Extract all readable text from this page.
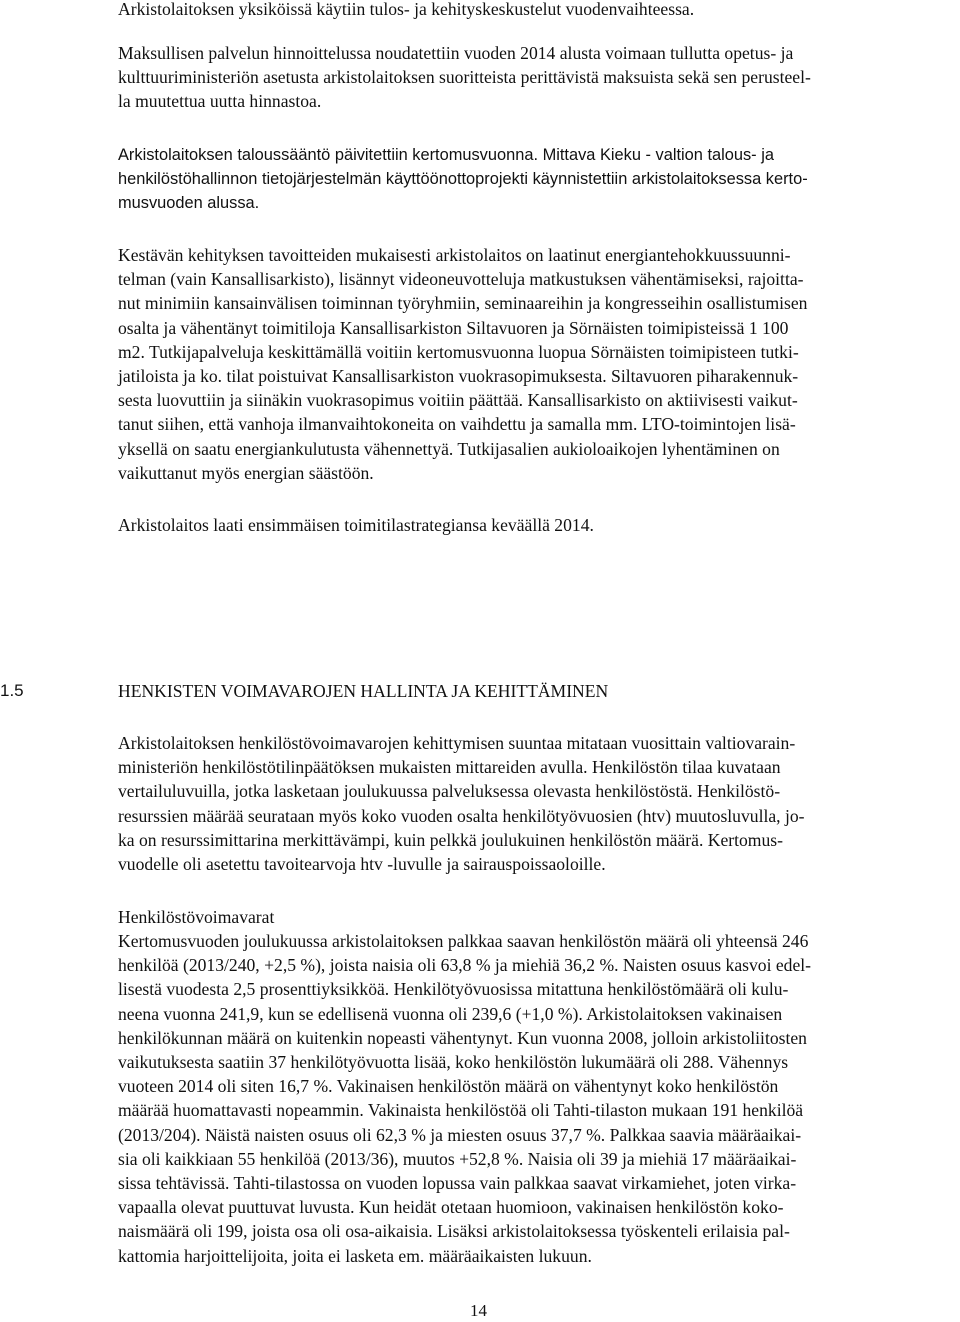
Arkistolaitoksen yksiköissä käytiin tulos- ja kehityskeskustelut vuodenvaihteessa.
Maksullisen palvelun hinnoittelussa noudatettiin vuoden 2014 alusta voimaan tullutta opetus- ja
kulttuuriministeriön asetusta arkistolaitoksen suoritteista perittävistä maksuista sekä sen perusteel-
la muutettua uutta hinnastoa.
Arkistolaitoksen taloussääntö päivitettiin kertomusvuonna. Mittava Kieku - valtion talous- ja
henkilöstöhallinnon tietojärjestelmän käyttöönottoprojekti käynnistettiin arkistolaitoksessa kerto-
musvuoden alussa.
Kestävän kehityksen tavoitteiden mukaisesti arkistolaitos on laatinut energiantehokkuussuunni-
telman (vain Kansallisarkisto), lisännyt videoneuvotteluja matkustuksen vähentämiseksi, rajoitta-
nut minimiin kansainvälisen toiminnan työryhmiin, seminaareihin ja kongresseihin osallistumisen
osalta ja vähentänyt toimitiloja Kansallisarkiston Siltavuoren ja Sörnäisten toimipisteissä 1 100
m2. Tutkijapalveluja keskittämällä voitiin kertomusvuonna luopua Sörnäisten toimipisteen tutki-
jatiloista ja ko. tilat poistuivat Kansallisarkiston vuokrasopimuksesta. Siltavuoren piharakennuk-
sesta luovuttiin ja siinäkin vuokrasopimus voitiin päättää. Kansallisarkisto on aktiivisesti vaikut-
tanut siihen, että vanhoja ilmanvaihtokoneita on vaihdettu ja samalla mm. LTO-toimintojen lisä-
yksellä on saatu energiankulutusta vähennettyä. Tutkijasalien aukioloaikojen lyhentäminen on
vaikuttanut myös energian säästöön.
Arkistolaitos laati ensimmäisen toimitilastrategiansa keväällä 2014.
Arkistolaitoksen henkilöstövoimavarojen kehittymisen suuntaa mitataan vuosittain valtiovarain-
ministeriön henkilöstötilinpäätöksen mukaisten mittareiden avulla. Henkilöstön tilaa kuvataan
vertailuluvuilla, jotka lasketaan joulukuussa palveluksessa olevasta henkilöstöstä. Henkilöstö-
resurssien määrää seurataan myös koko vuoden osalta henkilötyövuosien (htv) muutosluvulla, jo-
ka on resurssimittarina merkittävämpi, kuin pelkkä joulukuinen henkilöstön määrä. Kertomus-
vuodelle oli asetettu tavoitearvoja htv -luvulle ja sairauspoissaoloille.
Henkilöstövoimavarat
Kertomusvuoden joulukuussa arkistolaitoksen palkkaa saavan henkilöstön määrä oli yhteensä 246
henkilöä (2013/240, +2,5 %), joista naisia oli 63,8 % ja miehiä 36,2 %. Naisten osuus kasvoi edel-
lisestä vuodesta 2,5 prosenttiyksikköä. Henkilötyövuosissa mitattuna henkilöstömäärä oli kulu-
neena vuonna 241,9, kun se edellisenä vuonna oli 239,6 (+1,0 %). Arkistolaitoksen vakinaisen
henkilökunnan määrä on kuitenkin nopeasti vähentynyt. Kun vuonna 2008, jolloin arkistoliitosten
vaikutuksesta saatiin 37 henkilötyövuotta lisää, koko henkilöstön lukumäärä oli 288. Vähennys
vuoteen 2014 oli siten 16,7 %. Vakinaisen henkilöstön määrä on vähentynyt koko henkilöstön
määrää huomattavasti nopeammin. Vakinaista henkilöstöä oli Tahti-tilaston mukaan 191 henkilöä
(2013/204). Näistä naisten osuus oli 62,3 % ja miesten osuus 37,7 %. Palkkaa saavia määräaikai-
sia oli kaikkiaan 55 henkilöä (2013/36), muutos +52,8 %. Naisia oli 39 ja miehiä 17 määräaikai-
sissa tehtävissä. Tahti-tilastossa on vuoden lopussa vain palkkaa saavat virkamiehet, joten virka-
vapaalla olevat puuttuvat luvusta. Kun heidät otetaan huomioon, vakinaisen henkilöstön koko-
naismäärä oli 199, joista osa oli osa-aikaisia. Lisäksi arkistolaitoksessa työskenteli erilaisia pal-
kattomia harjoittelijoita, joita ei lasketa em. määräaikaisten lukuun.
1.5	HENKISTEN VOIMAVAROJEN HALLINTA JA KEHITTÄMINEN
14
